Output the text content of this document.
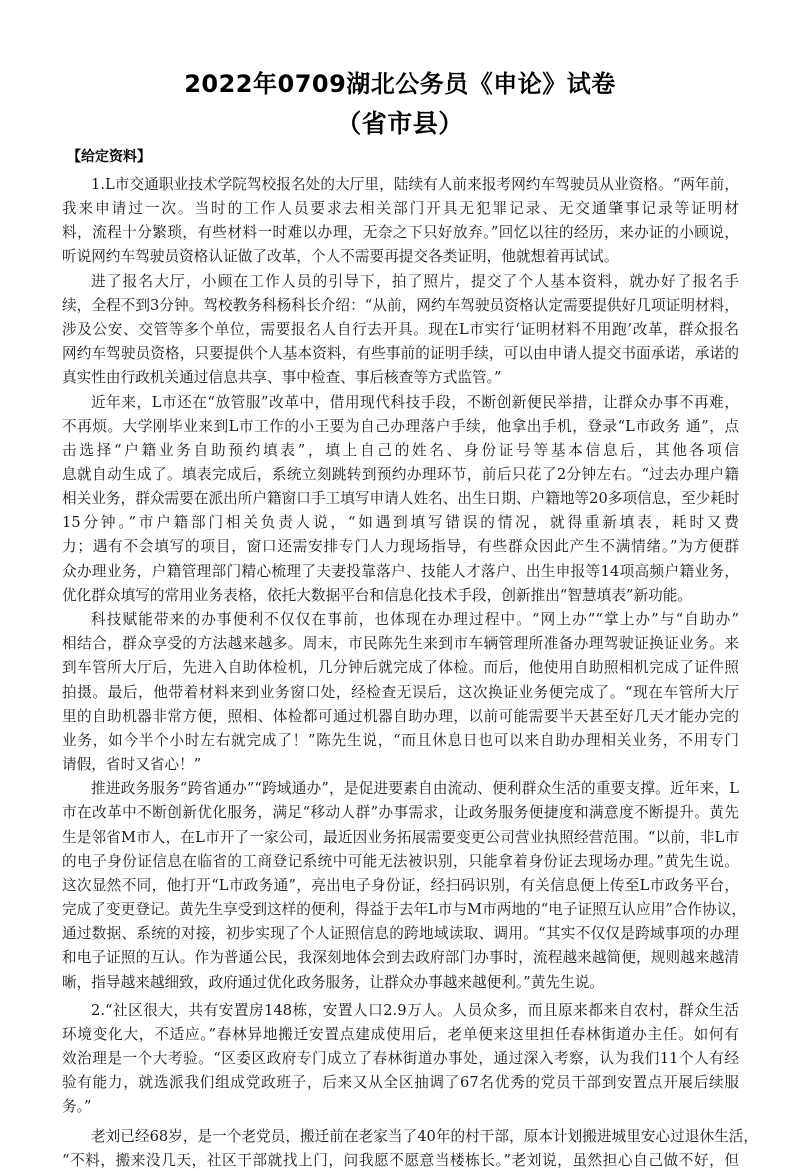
2022年0709湖北公务员《申论》试卷
（省市县）
【给定资料】
1.L市交通职业技术学院驾校报名处的大厅里，陆续有人前来报考网约车驾驶员从业资格。“两年前，
我来申请过一次。当时的工作人员要求去相关部门开具无犯罪记录、无交通肇事记录等证明材
料，流程十分繁琐，有些材料一时难以办理，无奈之下只好放弃。”回忆以往的经历，来办证的小顾说，
听说网约车驾驶员资格认证做了改革，个人不需要再提交各类证明，他就想着再试试。
进了报名大厅，小顾在工作人员的引导下，拍了照片，提交了个人基本资料，就办好了报名手
续，全程不到3分钟。驾校教务科杨科长介绍：“从前，网约车驾驶员资格认定需要提供好几项证明材料，
涉及公安、交管等多个单位，需要报名人自行去开具。现在L市实行‘证明材料不用跑’改革，群众报名
网约车驾驶员资格，只要提供个人基本资料，有些事前的证明手续，可以由申请人提交书面承诺，承诺的
真实性由行政机关通过信息共享、事中检查、事后核查等方式监管。”
近年来，L市还在“放管服”改革中，借用现代科技手段，不断创新便民举措，让群众办事不再难，
不再烦。大学刚毕业来到L市工作的小王要为自己办理落户手续，他拿出手机，登录“L市政务 通”，点
击选择“户籍业务自助预约填表”，填上自己的姓名、身份证号等基本信息后，其他各项信
息就自动生成了。填表完成后，系统立刻跳转到预约办理环节，前后只花了2分钟左右。“过去办理户籍
相关业务，群众需要在派出所户籍窗口手工填写申请人姓名、出生日期、户籍地等20多项信息，至少耗时
15分钟。”市户籍部门相关负责人说，“如遇到填写错误的情况，就得重新填表，耗时又费
力；遇有不会填写的项目，窗口还需安排专门人力现场指导，有些群众因此产生不满情绪。”为方便群
众办理业务，户籍管理部门精心梳理了夫妻投靠落户、技能人才落户、出生申报等14项高频户籍业务，
优化群众填写的常用业务表格，依托大数据平台和信息化技术手段，创新推出“智慧填表”新功能。
科技赋能带来的办事便利不仅仅在事前，也体现在办理过程中。“网上办”“掌上办”与“自助办”
相结合，群众享受的方法越来越多。周末，市民陈先生来到市车辆管理所准备办理驾驶证换证业务。来
到车管所大厅后，先进入自助体检机，几分钟后就完成了体检。而后，他使用自助照相机完成了证件照
拍摄。最后，他带着材料来到业务窗口处，经检查无误后，这次换证业务便完成了。“现在车管所大厅
里的自助机器非常方便，照相、体检都可通过机器自助办理，以前可能需要半天甚至好几天才能办完的
业务，如今半个小时左右就完成了！”陈先生说，“而且休息日也可以来自助办理相关业务，不用专门
请假，省时又省心！”
推进政务服务“跨省通办”“跨域通办”，是促进要素自由流动、便利群众生活的重要支撑。近年来，L
市在改革中不断创新优化服务，满足“移动人群”办事需求，让政务服务便捷度和满意度不断提升。黄先
生是邻省M市人，在L市开了一家公司，最近因业务拓展需要变更公司营业执照经营范围。“以前，非L市
的电子身份证信息在临省的工商登记系统中可能无法被识别，只能拿着身份证去现场办理。”黄先生说。
这次显然不同，他打开“L市政务通”，亮出电子身份证，经扫码识别，有关信息便上传至L市政务平台，
完成了变更登记。黄先生享受到这样的便利，得益于去年L市与M市两地的“电子证照互认应用”合作协议，
通过数据、系统的对接，初步实现了个人证照信息的跨地域读取、调用。“其实不仅仅是跨域事项的办理
和电子证照的互认。作为普通公民，我深刻地体会到去政府部门办事时，流程越来越简便，规则越来越清
晰，指导越来越细致，政府通过优化政务服务，让群众办事越来越便利。”黄先生说。
2.“社区很大，共有安置房148栋，安置人口2.9万人。人员众多，而且原来都来自农村，群众生活
环境变化大，不适应。”春林异地搬迁安置点建成使用后，老单便来这里担任春林街道办主任。如何有
效治理是一个大考验。“区委区政府专门成立了春林街道办事处，通过深入考察，认为我们11个人有经
验有能力，就选派我们组成党政班子，后来又从全区抽调了67名优秀的党员干部到安置点开展后续服
务。”
老刘已经68岁，是一个老党员，搬迁前在老家当了40年的村干部，原本计划搬进城里安心过退休生活，
“不料，搬来没几天，社区干部就找上门，问我愿不愿意当楼栋长。”老刘说，虽然担心自己做不好，但
